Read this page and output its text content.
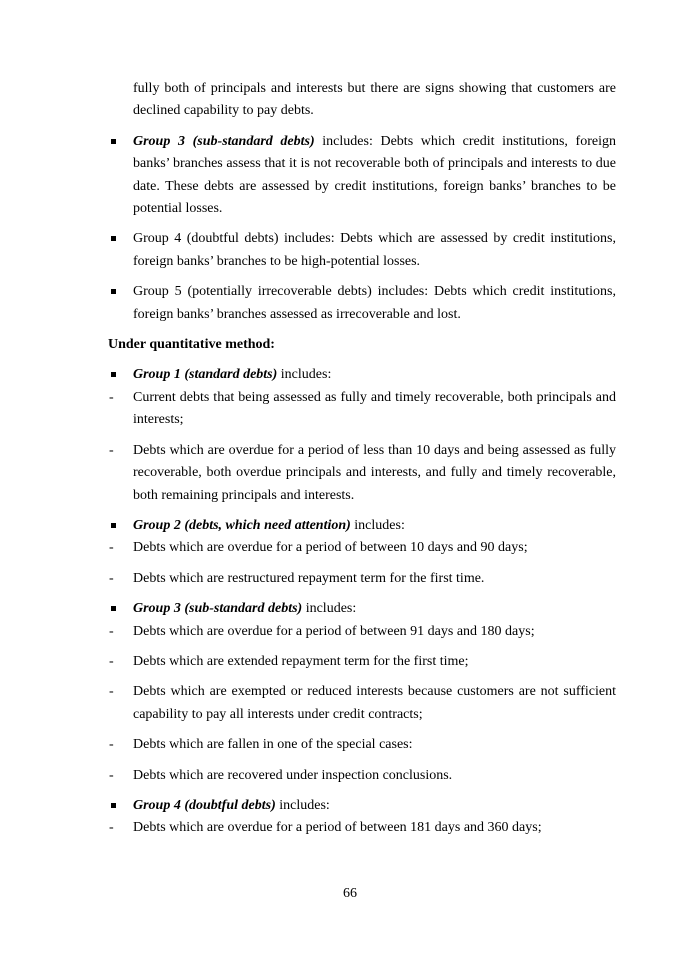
fully both of principals and interests but there are signs showing that customers are declined capability to pay debts.

Group 3 (sub-standard debts) includes: Debts which credit institutions, foreign banks’ branches assess that it is not recoverable both of principals and interests to due date. These debts are assessed by credit institutions, foreign banks’ branches to be potential losses.

Group 4 (doubtful debts) includes: Debts which are assessed by credit institutions, foreign banks’ branches to be high-potential losses.

Group 5 (potentially irrecoverable debts) includes: Debts which credit institutions, foreign banks’ branches assessed as irrecoverable and lost.

Under quantitative method:

Group 1 (standard debts) includes:

- Current debts that being assessed as fully and timely recoverable, both principals and interests;

- Debts which are overdue for a period of less than 10 days and being assessed as fully recoverable, both overdue principals and interests, and fully and timely recoverable, both remaining principals and interests.

Group 2 (debts, which need attention) includes:

- Debts which are overdue for a period of between 10 days and 90 days;

- Debts which are restructured repayment term for the first time.

Group 3 (sub-standard debts) includes:

- Debts which are overdue for a period of between 91 days and 180 days;

- Debts which are extended repayment term for the first time;

- Debts which are exempted or reduced interests because customers are not sufficient capability to pay all interests under credit contracts;

- Debts which are fallen in one of the special cases:

- Debts which are recovered under inspection conclusions.

Group 4 (doubtful debts) includes:

- Debts which are overdue for a period of between 181 days and 360 days;

66
